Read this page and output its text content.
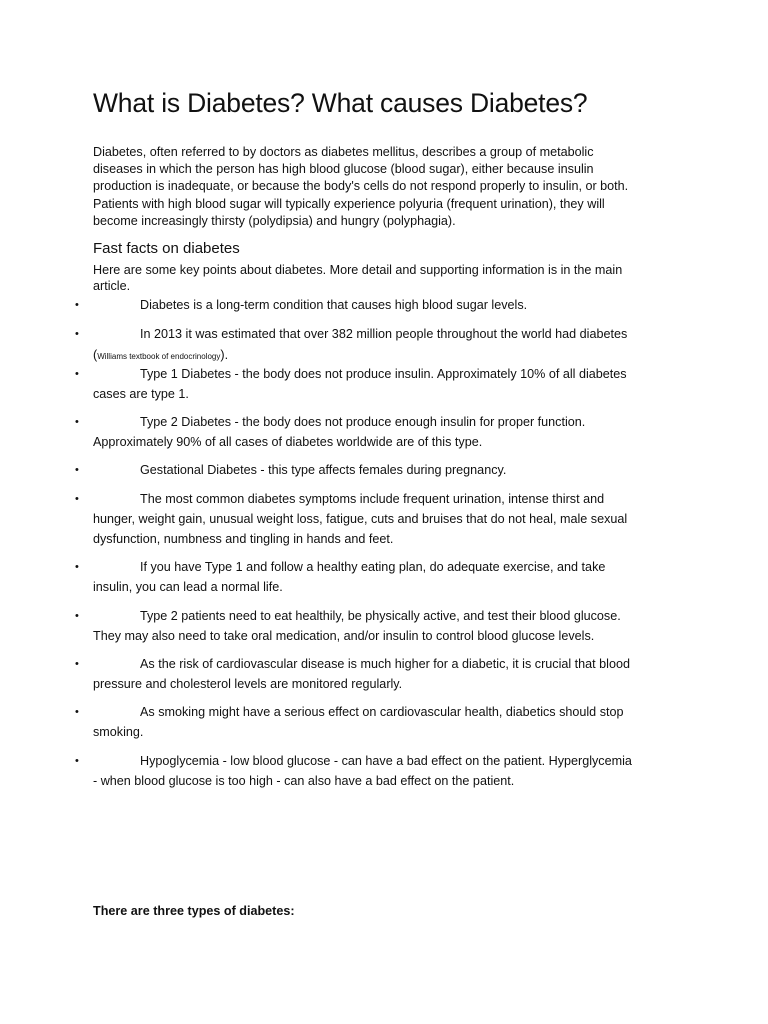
What is Diabetes? What causes Diabetes?

Diabetes, often referred to by doctors as diabetes mellitus, describes a group of metabolic
diseases in which the person has high blood glucose (blood sugar), either because insulin
production is inadequate, or because the body's cells do not respond properly to insulin, or both.
Patients with high blood sugar will typically experience polyuria (frequent urination), they will
become increasingly thirsty (polydipsia) and hungry (polyphagia).

Fast facts on diabetes

Here are some key points about diabetes. More detail and supporting information is in the main
article.

•	Diabetes is a long-term condition that causes high blood sugar levels.
•	In 2013 it was estimated that over 382 million people throughout the world had diabetes
(Williams textbook of endocrinology).
•	Type 1 Diabetes - the body does not produce insulin. Approximately 10% of all diabetes
cases are type 1.
•	Type 2 Diabetes - the body does not produce enough insulin for proper function.
Approximately 90% of all cases of diabetes worldwide are of this type.
•	Gestational Diabetes - this type affects females during pregnancy.
•	The most common diabetes symptoms include frequent urination, intense thirst and
hunger, weight gain, unusual weight loss, fatigue, cuts and bruises that do not heal, male sexual
dysfunction, numbness and tingling in hands and feet.
•	If you have Type 1 and follow a healthy eating plan, do adequate exercise, and take
insulin, you can lead a normal life.
•	Type 2 patients need to eat healthily, be physically active, and test their blood glucose.
They may also need to take oral medication, and/or insulin to control blood glucose levels.
•	As the risk of cardiovascular disease is much higher for a diabetic, it is crucial that blood
pressure and cholesterol levels are monitored regularly.
•	As smoking might have a serious effect on cardiovascular health, diabetics should stop
smoking.
•	Hypoglycemia - low blood glucose - can have a bad effect on the patient. Hyperglycemia
- when blood glucose is too high - can also have a bad effect on the patient.

There are three types of diabetes:
